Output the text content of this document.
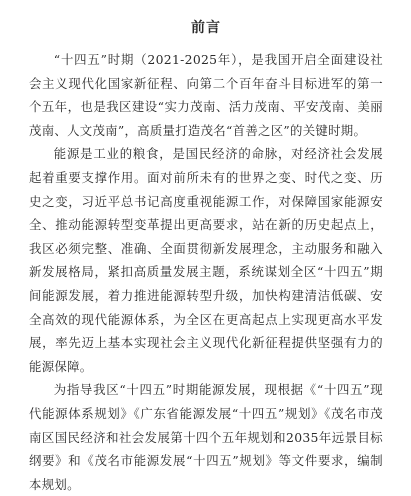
前言

“十四五”时期（2021-2025年），是我国开启全面建设社会主义现代化国家新征程、向第二个百年奋斗目标进军的第一个五年，也是我区建设“实力茂南、活力茂南、平安茂南、美丽茂南、人文茂南”，高质量打造茂名“首善之区”的关键时期。

能源是工业的粮食，是国民经济的命脉，对经济社会发展起着重要支撑作用。面对前所未有的世界之变、时代之变、历史之变，习近平总书记高度重视能源工作，对保障国家能源安全、推动能源转型变革提出更高要求，站在新的历史起点上，我区必须完整、准确、全面贯彻新发展理念，主动服务和融入新发展格局，紧扣高质量发展主题，系统谋划全区“十四五”期间能源发展，着力推进能源转型升级，加快构建清洁低碳、安全高效的现代能源体系，为全区在更高起点上实现更高水平发展，率先迈上基本实现社会主义现代化新征程提供坚强有力的能源保障。

为指导我区“十四五”时期能源发展，现根据《“十四五”现代能源体系规划》《广东省能源发展“十四五”规划》《茂名市茂南区国民经济和社会发展第十四个五年规划和2035年远景目标纲要》和《茂名市能源发展“十四五”规划》等文件要求，编制本规划。
